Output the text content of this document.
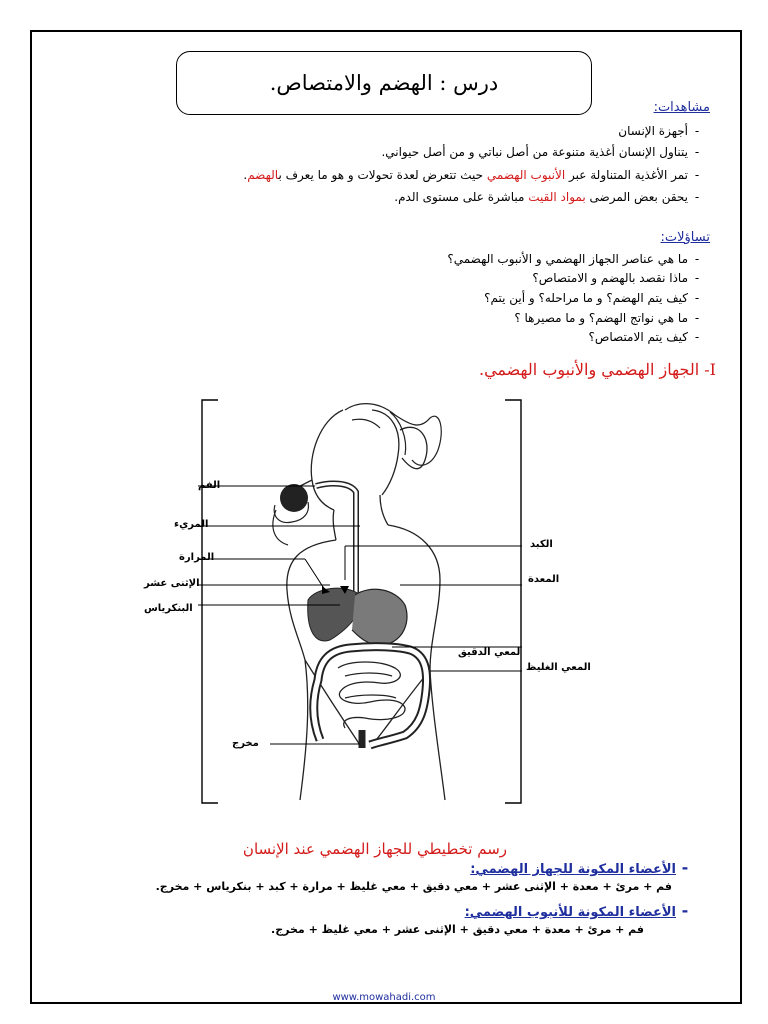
درس : الهضم والامتصاص.
مشاهدات:
-أجهزة الإنسان
-يتناول الإنسان أغذية متنوعة من أصل نباتي و من أصل حيواني.
-تمر الأغذية المتناولة عبر الأنبوب الهضمي حيث تتعرض لعدة تحولات و هو ما يعرف بالهضم.
-يحقن بعض المرضى بمواد القيت مباشرة على مستوى الدم.
تساؤلات:
-ما هي عناصر الجهاز الهضمي و الأنبوب الهضمي؟
-ماذا نقصد بالهضم و الامتصاص؟
-كيف يتم الهضم؟ و ما مراحله؟ و أين يتم؟
-ما هي نواتج الهضم؟ و ما مصيرها ؟
-كيف يتم الامتصاص؟
I- الجهاز الهضمي والأنبوب الهضمي.
الفم
المريء
المرارة
الإثنى عشر
البنكرياس
مخرج
الكبد
المعدة
لمعي الدقيق
المعي الغليظ
رسم تخطيطي للجهاز الهضمي عند الإنسان
-الأعضاء المكونة للجهاز الهضمي:
فم + مرئ + معدة + الإثنى عشر + معي دقيق + معي غليظ + مرارة + كبد + بنكرياس + مخرج.
-الأعضاء المكونة للأنبوب الهضمي:
فم + مرئ + معدة + معي دقيق + الإثنى عشر + معي غليظ + مخرج.
www.mowahadi.com
